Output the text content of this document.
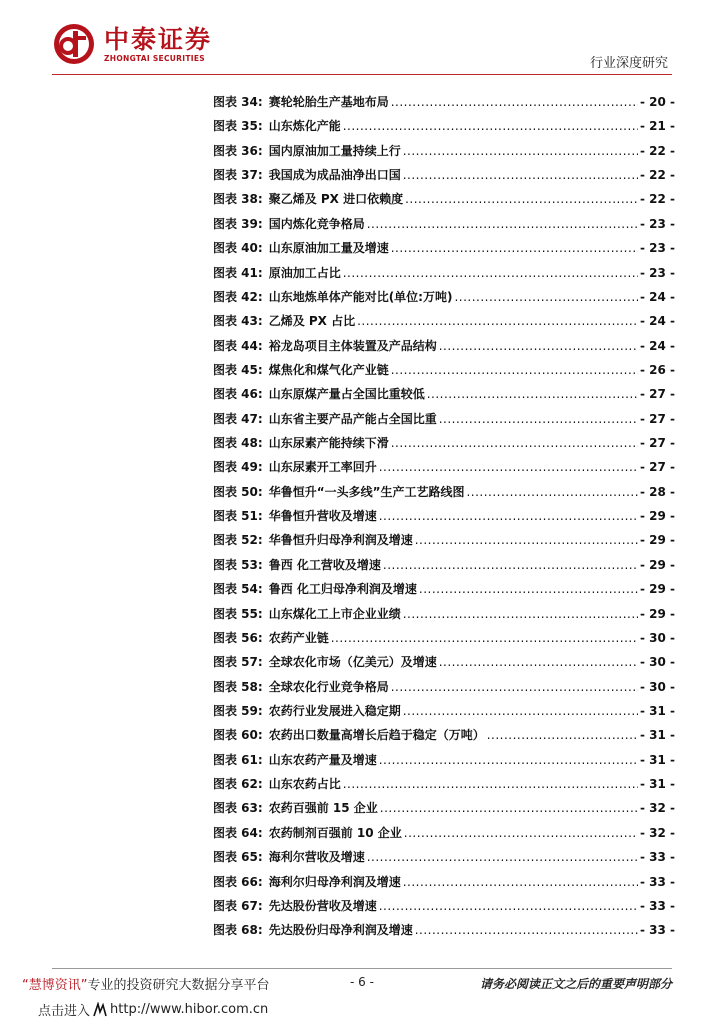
中泰证券
ZHONGTAI SECURITIES	行业深度研究
图表 34: 赛轮轮胎生产基地布局 .....	- 20 -
图表 35: 山东炼化产能 .....	- 21 -
图表 36: 国内原油加工量持续上行 .....	- 22 -
图表 37: 我国成为成品油净出口国 .....	- 22 -
图表 38: 聚乙烯及 PX 进口依赖度 .....	- 22 -
图表 39: 国内炼化竞争格局 .....	- 23 -
图表 40: 山东原油加工量及增速 .....	- 23 -
图表 41: 原油加工占比 .....	- 23 -
图表 42: 山东地炼单体产能对比(单位:万吨) .....	- 24 -
图表 43: 乙烯及 PX 占比 .....	- 24 -
图表 44: 裕龙岛项目主体装置及产品结构 .....	- 24 -
图表 45: 煤焦化和煤气化产业链 .....	- 26 -
图表 46: 山东原煤产量占全国比重较低 .....	- 27 -
图表 47: 山东省主要产品产能占全国比重 .....	- 27 -
图表 48: 山东尿素产能持续下滑 .....	- 27 -
图表 49: 山东尿素开工率回升 .....	- 27 -
图表 50: 华鲁恒升“一头多线”生产工艺路线图 .....	- 28 -
图表 51: 华鲁恒升营收及增速 .....	- 29 -
图表 52: 华鲁恒升归母净利润及增速 .....	- 29 -
图表 53: 鲁西 化工营收及增速 .....	- 29 -
图表 54: 鲁西 化工归母净利润及增速 .....	- 29 -
图表 55: 山东煤化工上市企业业绩 .....	- 29 -
图表 56: 农药产业链 .....	- 30 -
图表 57: 全球农化市场（亿美元）及增速 .....	- 30 -
图表 58: 全球农化行业竞争格局 .....	- 30 -
图表 59: 农药行业发展进入稳定期 .....	- 31 -
图表 60: 农药出口数量高增长后趋于稳定（万吨） .....	- 31 -
图表 61: 山东农药产量及增速 .....	- 31 -
图表 62: 山东农药占比 .....	- 31 -
图表 63: 农药百强前 15 企业 .....	- 32 -
图表 64: 农药制剂百强前 10 企业 .....	- 32 -
图表 65: 海利尔营收及增速 .....	- 33 -
图表 66: 海利尔归母净利润及增速 .....	- 33 -
图表 67: 先达股份营收及增速 .....	- 33 -
图表 68: 先达股份归母净利润及增速 .....	- 33 -
“慧博资讯”专业的投资研究大数据分享平台	- 6 -	请务必阅读正文之后的重要声明部分
点击进入 http://www.hibor.com.cn
